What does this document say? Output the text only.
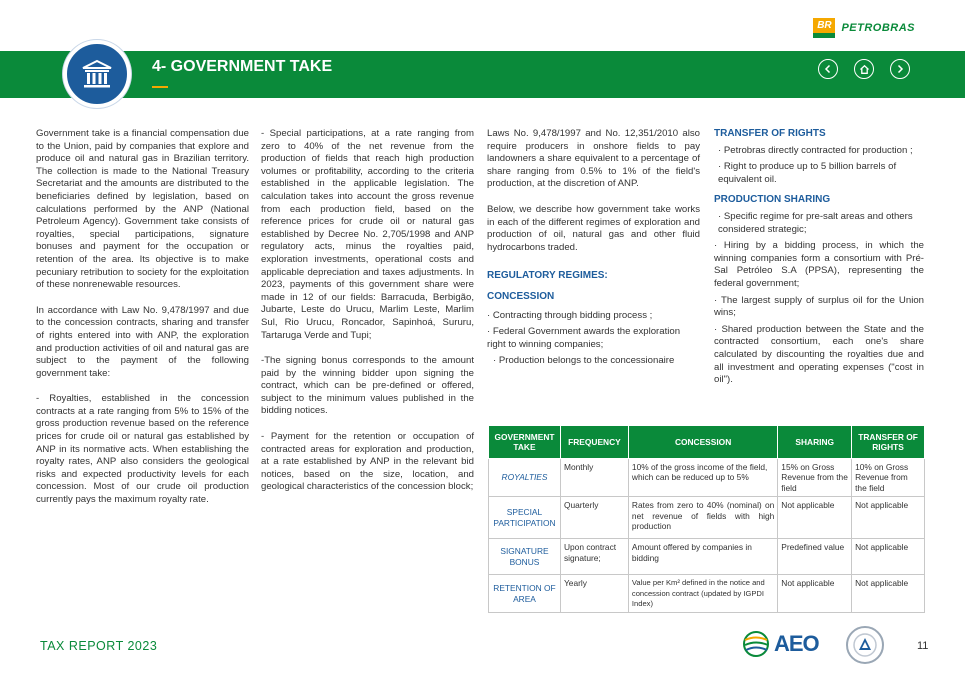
BR PETROBRAS
4- GOVERNMENT TAKE

Government take is a financial compensation due to the Union, paid by companies that explore and produce oil and natural gas in Brazilian territory. The collection is made to the National Treasury Secretariat and the amounts are distributed to the beneficiaries defined by legislation, based on calculations performed by the ANP (National Petroleum Agency). Government take consists of royalties, special participations, signature bonuses and payment for the occupation or retention of the area. Its objective is to make pecuniary retribution to society for the exploitation of these nonrenewable resources.

In accordance with Law No. 9,478/1997 and due to the concession contracts, sharing and transfer of rights entered into with ANP, the exploration and production activities of oil and natural gas are subject to the payment of the following government take:

- Royalties, established in the concession contracts at a rate ranging from 5% to 15% of the gross production revenue based on the reference prices for crude oil or natural gas established by ANP in its normative acts. When establishing the royalty rates, ANP also considers the geological risks and expected productivity levels for each concession. Most of our crude oil production currently pays the maximum royalty rate.

- Special participations, at a rate ranging from zero to 40% of the net revenue from the production of fields that reach high production volumes or profitability, according to the criteria established in the applicable legislation. The calculation takes into account the gross revenue from each production field, based on the reference prices for crude oil or natural gas established by Decree No. 2,705/1998 and ANP regulatory acts, minus the royalties paid, exploration investments, operational costs and applicable depreciation and taxes adjustments. In 2023, payments of this government share were made in 12 of our fields: Barracuda, Berbigão, Jubarte, Leste do Urucu, Marlim Leste, Marlim Sul, Rio Urucu, Roncador, Sapinhoá, Sururu, Tartaruga Verde and Tupi;

-The signing bonus corresponds to the amount paid by the winning bidder upon signing the contract, which can be pre-defined or offered, subject to the minimum values published in the bidding notices.

- Payment for the retention or occupation of contracted areas for exploration and production, at a rate established by ANP in the relevant bid notices, based on the size, location, and geological characteristics of the concession block;

Laws No. 9,478/1997 and No. 12,351/2010 also require producers in onshore fields to pay landowners a share equivalent to a percentage of share ranging from 0.5% to 1% of the field's production, at the discretion of ANP.

Below, we describe how government take works in each of the different regimes of exploration and production of oil, natural gas and other fluid hydrocarbons traded.

REGULATORY REGIMES:
CONCESSION
· Contracting through bidding process ;
· Federal Government awards the exploration right to winning companies;
· Production belongs to the concessionaire
TRANSFER OF RIGHTS
· Petrobras directly contracted for production ;
· Right to produce up to 5 billion barrels of equivalent oil.
PRODUCTION SHARING
· Specific regime for pre-salt areas and others considered strategic;

· Hiring by a bidding process, in which the winning companies form a consortium with Pré-Sal Petróleo S.A (PPSA), representing the federal government;

· The largest supply of surplus oil for the Union wins;

· Shared production between the State and the contracted consortium, each one's share calculated by discounting the royalties due and all investment and operating expenses ("cost in oil").

GOVERNMENT TAKE	FREQUENCY	CONCESSION	SHARING	TRANSFER OF RIGHTS
ROYALTIES	Monthly	10% of the gross income of the field, which can be reduced up to 5%	15% on Gross Revenue from the field	10% on Gross Revenue from the field
SPECIAL PARTICIPATION	Quarterly	Rates from zero to 40% (nominal) on net revenue of fields with high production	Not applicable	Not applicable
SIGNATURE BONUS	Upon contract signature;	Amount offered by companies in bidding	Predefined value	Not applicable
RETENTION OF AREA	Yearly	Value per Km² defined in the notice and concession contract (updated by IGPDI Index)	Not applicable	Not applicable
TAX REPORT 2023	AEO	11
